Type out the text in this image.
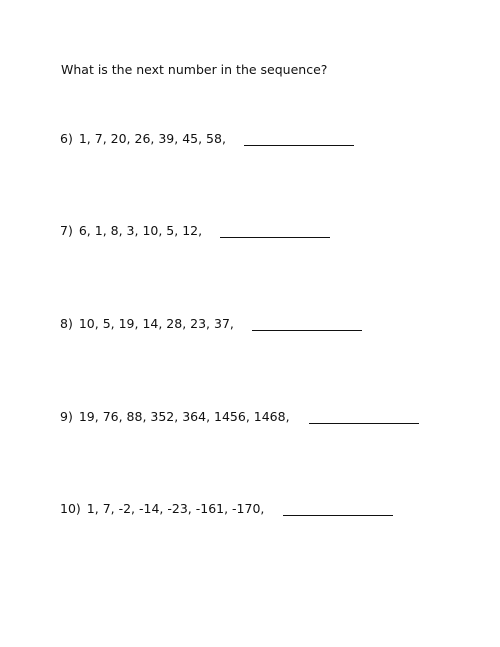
What is the next number in the sequence?
6) 1, 7, 20, 26, 39, 45, 58,
7) 6, 1, 8, 3, 10, 5, 12,
8) 10, 5, 19, 14, 28, 23, 37,
9) 19, 76, 88, 352, 364, 1456, 1468,
10) 1, 7, -2, -14, -23, -161, -170,
